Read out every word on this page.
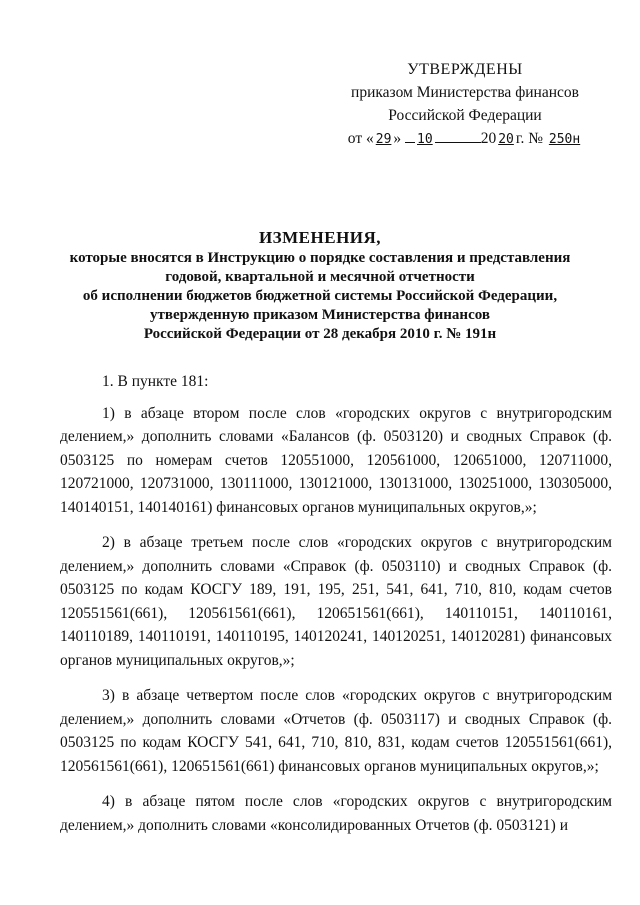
УТВЕРЖДЕНЫ
приказом Министерства финансов
Российской Федерации
от « 29 » 10	20 20 г. № 250н
ИЗМЕНЕНИЯ,
которые вносятся в Инструкцию о порядке составления и представления
годовой, квартальной и месячной отчетности
об исполнении бюджетов бюджетной системы Российской Федерации,
утвержденную приказом Министерства финансов
Российской Федерации от 28 декабря 2010 г. № 191н

1. В пункте 181:

1) в абзаце втором после слов «городских округов с внутригородским делением,» дополнить словами «Балансов (ф. 0503120) и сводных Справок (ф. 0503125 по номерам счетов 120551000, 120561000, 120651000, 120711000, 120721000, 120731000, 130111000, 130121000, 130131000, 130251000, 130305000, 140140151, 140140161) финансовых органов муниципальных округов,»;

2) в абзаце третьем после слов «городских округов с внутригородским делением,» дополнить словами «Справок (ф. 0503110) и сводных Справок (ф. 0503125 по кодам КОСГУ 189, 191, 195, 251, 541, 641, 710, 810, кодам счетов 120551561(661), 120561561(661), 120651561(661), 140110151, 140110161, 140110189, 140110191, 140110195, 140120241, 140120251, 140120281) финансовых органов муниципальных округов,»;

3) в абзаце четвертом после слов «городских округов с внутригородским делением,» дополнить словами «Отчетов (ф. 0503117) и сводных Справок (ф. 0503125 по кодам КОСГУ 541, 641, 710, 810, 831, кодам счетов 120551561(661), 120561561(661), 120651561(661) финансовых органов муниципальных округов,»;

4) в абзаце пятом после слов «городских округов с внутригородским делением,» дополнить словами «консолидированных Отчетов (ф. 0503121) и
